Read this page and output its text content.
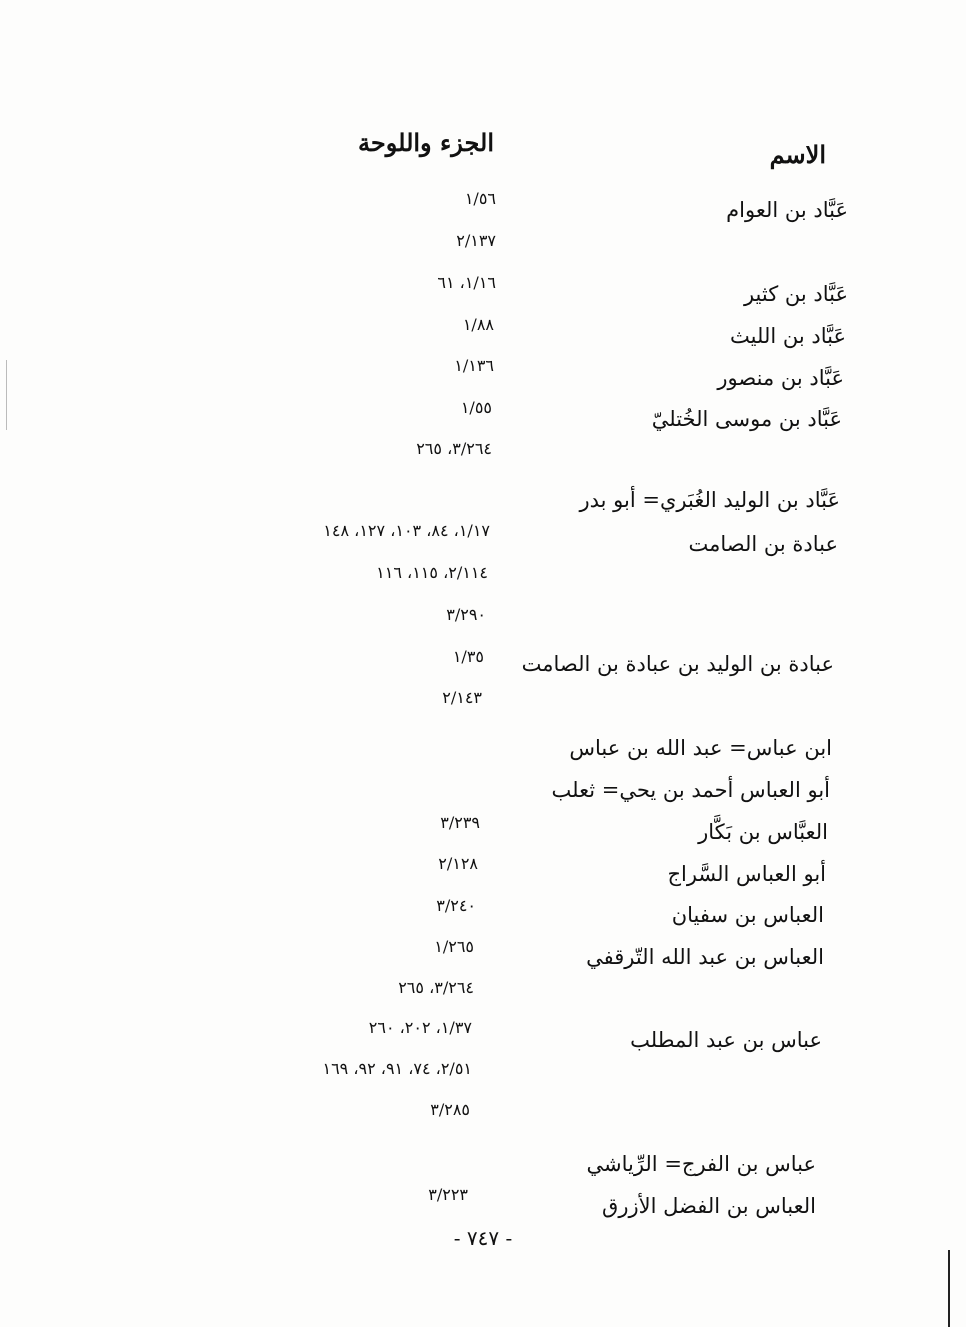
الاسم
الجزء واللوحة
عَبَّاد بن العوام
عَبَّاد بن كثير
عَبَّاد بن الليث
عَبَّاد بن منصور
عَبَّاد بن موسى الخُتليّ
عَبَّاد بن الوليد الغُبَري= أبو بدر
عبادة بن الصامت
عبادة بن الوليد بن عبادة بن الصامت
ابن عباس= عبد الله بن عباس
أبو العباس أحمد بن يحي= ثعلب
العبَّاس بن بَكَّار
أبو العباس السَّراج
العباس بن سفيان
العباس بن عبد الله التّرقفي
عباس بن عبد المطلب
عباس بن الفرج= الرِّياشي
العباس بن الفضل الأزرق
١/٥٦
٢/١٣٧
١/١٦، ٦١
١/٨٨
١/١٣٦
١/٥٥
٣/٢٦٤، ٢٦٥
١/١٧، ٨٤، ١٠٣، ١٢٧، ١٤٨
٢/١١٤، ١١٥، ١١٦
٣/٢٩٠
١/٣٥
٢/١٤٣
٣/٢٣٩
٢/١٢٨
٣/٢٤٠
١/٢٦٥
٣/٢٦٤، ٢٦٥
١/٣٧، ٢٠٢، ٢٦٠
٢/٥١، ٧٤، ٩١، ٩٢، ١٦٩
٣/٢٨٥
٣/٢٢٣
- ٧٤٧ -
